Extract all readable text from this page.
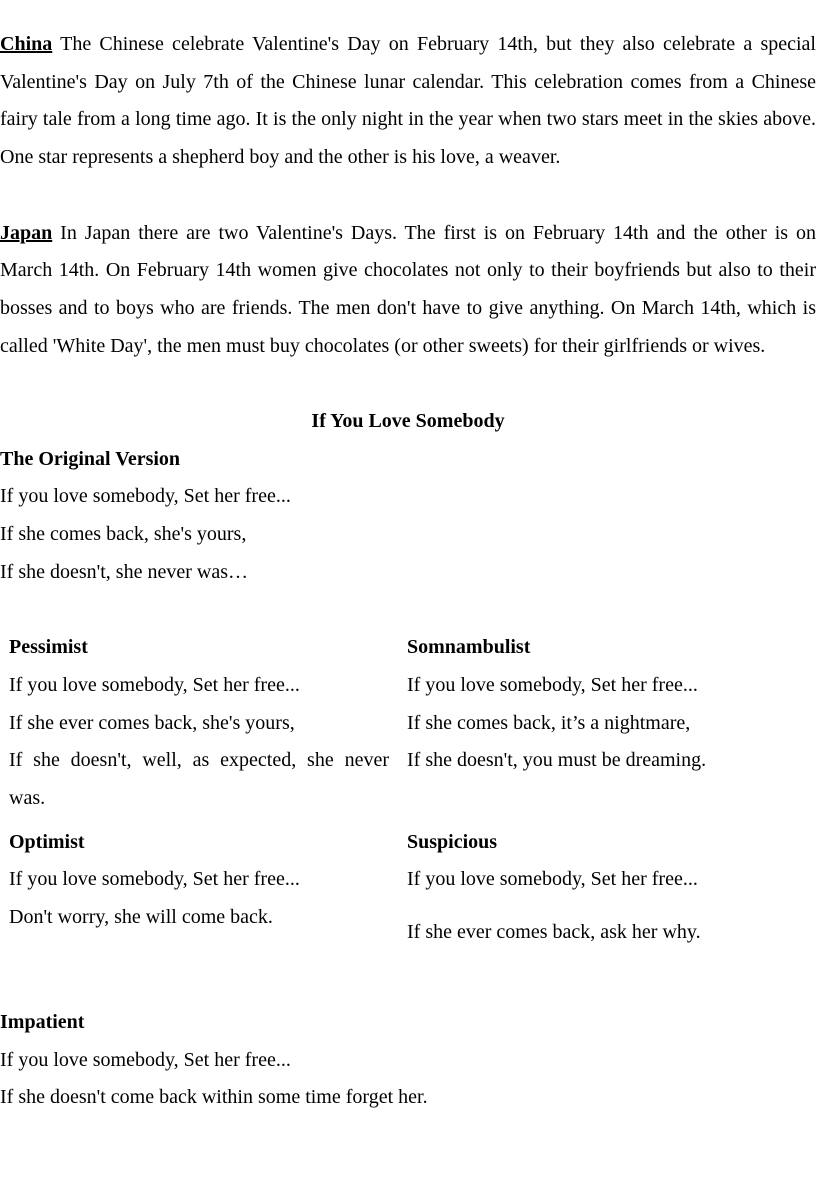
China The Chinese celebrate Valentine's Day on February 14th, but they also celebrate a special Valentine's Day on July 7th of the Chinese lunar calendar. This celebration comes from a Chinese fairy tale from a long time ago. It is the only night in the year when two stars meet in the skies above. One star represents a shepherd boy and the other is his love, a weaver.

Japan In Japan there are two Valentine's Days. The first is on February 14th and the other is on March 14th. On February 14th women give chocolates not only to their boyfriends but also to their bosses and to boys who are friends. The men don't have to give anything. On March 14th, which is called 'White Day', the men must buy chocolates (or other sweets) for their girlfriends or wives.

If You Love Somebody

The Original Version

If you love somebody, Set her free...

If she comes back, she's yours,

If she doesn't, she never was…

Pessimist

If you love somebody, Set her free...

If she ever comes back, she's yours,

If she doesn't, well, as expected, she never was.

Somnambulist

If you love somebody, Set her free...

If she comes back, it’s a nightmare,

If she doesn't, you must be dreaming.

Optimist

If you love somebody, Set her free...

Don't worry, she will come back.

Suspicious

If you love somebody, Set her free...

If she ever comes back, ask her why.

Impatient

If you love somebody, Set her free...

If she doesn't come back within some time forget her.
